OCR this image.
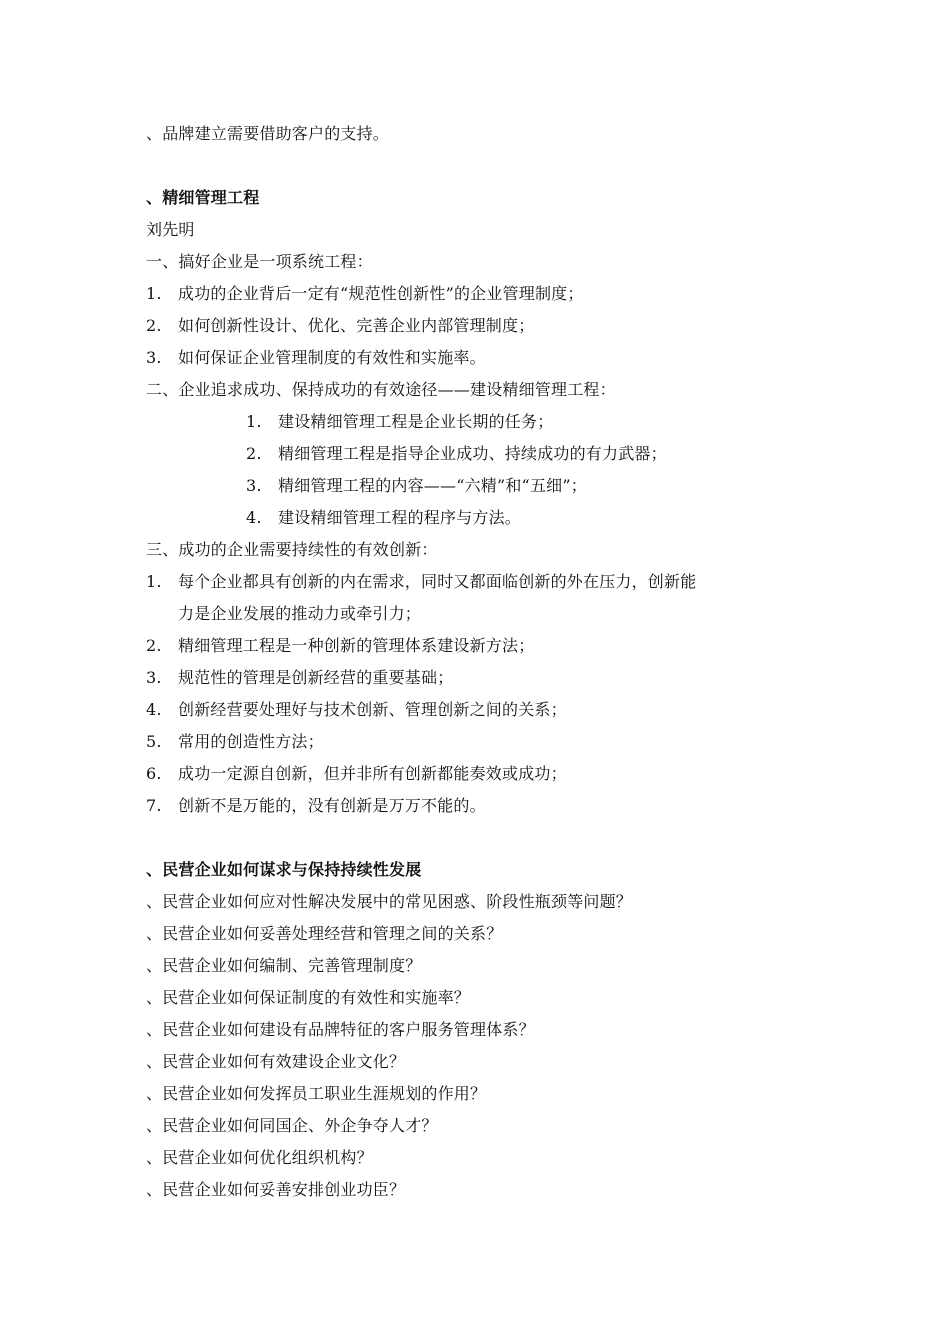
、品牌建立需要借助客户的支持。
、精细管理工程
刘先明
一、搞好企业是一项系统工程：
1. 成功的企业背后一定有“规范性创新性”的企业管理制度；
2. 如何创新性设计、优化、完善企业内部管理制度；
3. 如何保证企业管理制度的有效性和实施率。
二、企业追求成功、保持成功的有效途径——建设精细管理工程：
1. 建设精细管理工程是企业长期的任务；
2. 精细管理工程是指导企业成功、持续成功的有力武器；
3. 精细管理工程的内容——“六精”和“五细”；
4. 建设精细管理工程的程序与方法。
三、成功的企业需要持续性的有效创新：
1. 每个企业都具有创新的内在需求，同时又都面临创新的外在压力，创新能
力是企业发展的推动力或牵引力；
2. 精细管理工程是一种创新的管理体系建设新方法；
3. 规范性的管理是创新经营的重要基础；
4. 创新经营要处理好与技术创新、管理创新之间的关系；
5. 常用的创造性方法；
6. 成功一定源自创新，但并非所有创新都能奏效或成功；
7. 创新不是万能的，没有创新是万万不能的。
、民营企业如何谋求与保持持续性发展
、民营企业如何应对性解决发展中的常见困惑、阶段性瓶颈等问题？
、民营企业如何妥善处理经营和管理之间的关系？
、民营企业如何编制、完善管理制度？
、民营企业如何保证制度的有效性和实施率？
、民营企业如何建设有品牌特征的客户服务管理体系？
、民营企业如何有效建设企业文化？
、民营企业如何发挥员工职业生涯规划的作用？
、民营企业如何同国企、外企争夺人才？
、民营企业如何优化组织机构？
、民营企业如何妥善安排创业功臣？
